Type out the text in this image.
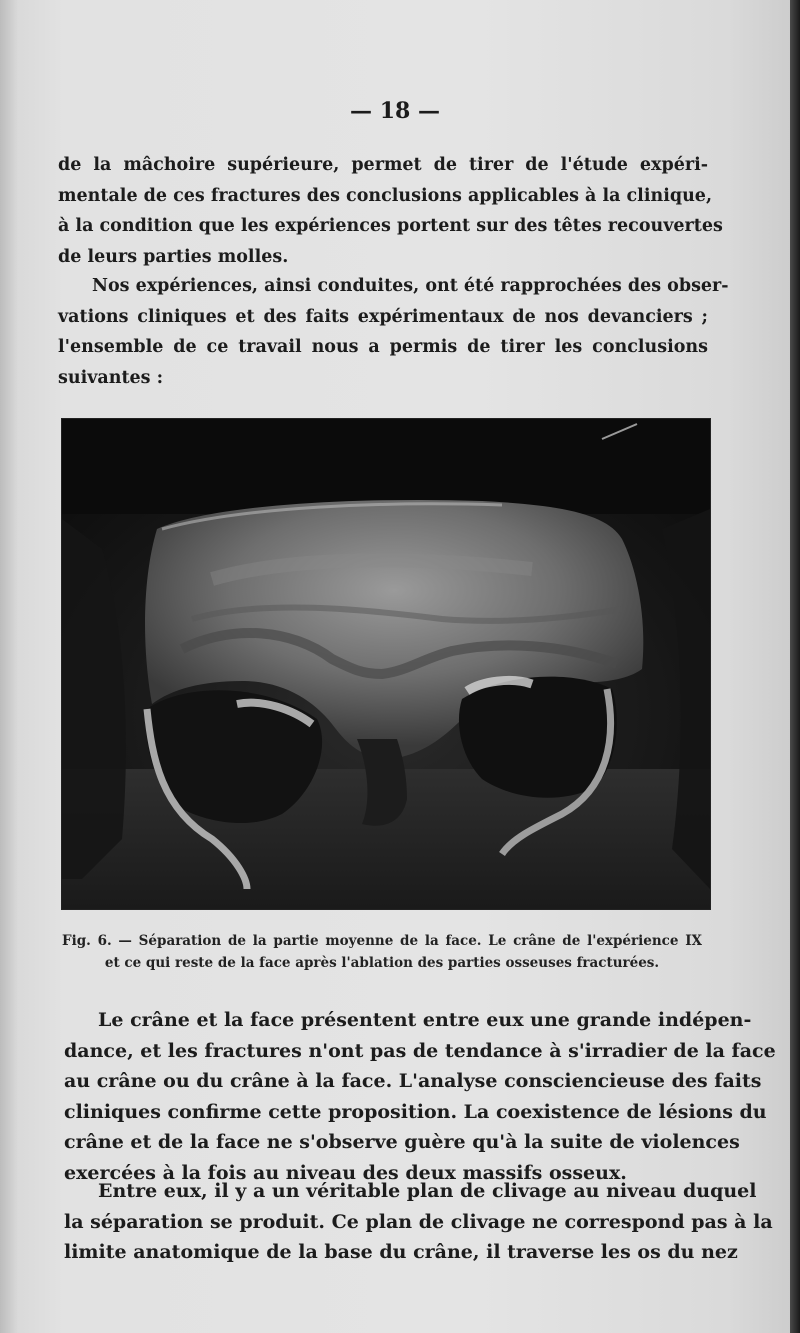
— 18 —

de la mâchoire supérieure, permet de tirer de l'étude expéri-
mentale de ces fractures des conclusions applicables à la clinique,
à la condition que les expériences portent sur des têtes recouvertes
de leurs parties molles.

Nos expériences, ainsi conduites, ont été rapprochées des obser-
vations cliniques et des faits expérimentaux de nos devanciers ;
l'ensemble de ce travail nous a permis de tirer les conclusions
suivantes :

Fig. 6. — Séparation de la partie moyenne de la face. Le crâne de l'expérience IX
et ce qui reste de la face après l'ablation des parties osseuses fracturées.

Le crâne et la face présentent entre eux une grande indépen-
dance, et les fractures n'ont pas de tendance à s'irradier de la face
au crâne ou du crâne à la face. L'analyse consciencieuse des faits
cliniques confirme cette proposition. La coexistence de lésions du
crâne et de la face ne s'observe guère qu'à la suite de violences
exercées à la fois au niveau des deux massifs osseux.

Entre eux, il y a un véritable plan de clivage au niveau duquel
la séparation se produit. Ce plan de clivage ne correspond pas à la
limite anatomique de la base du crâne, il traverse les os du nez
